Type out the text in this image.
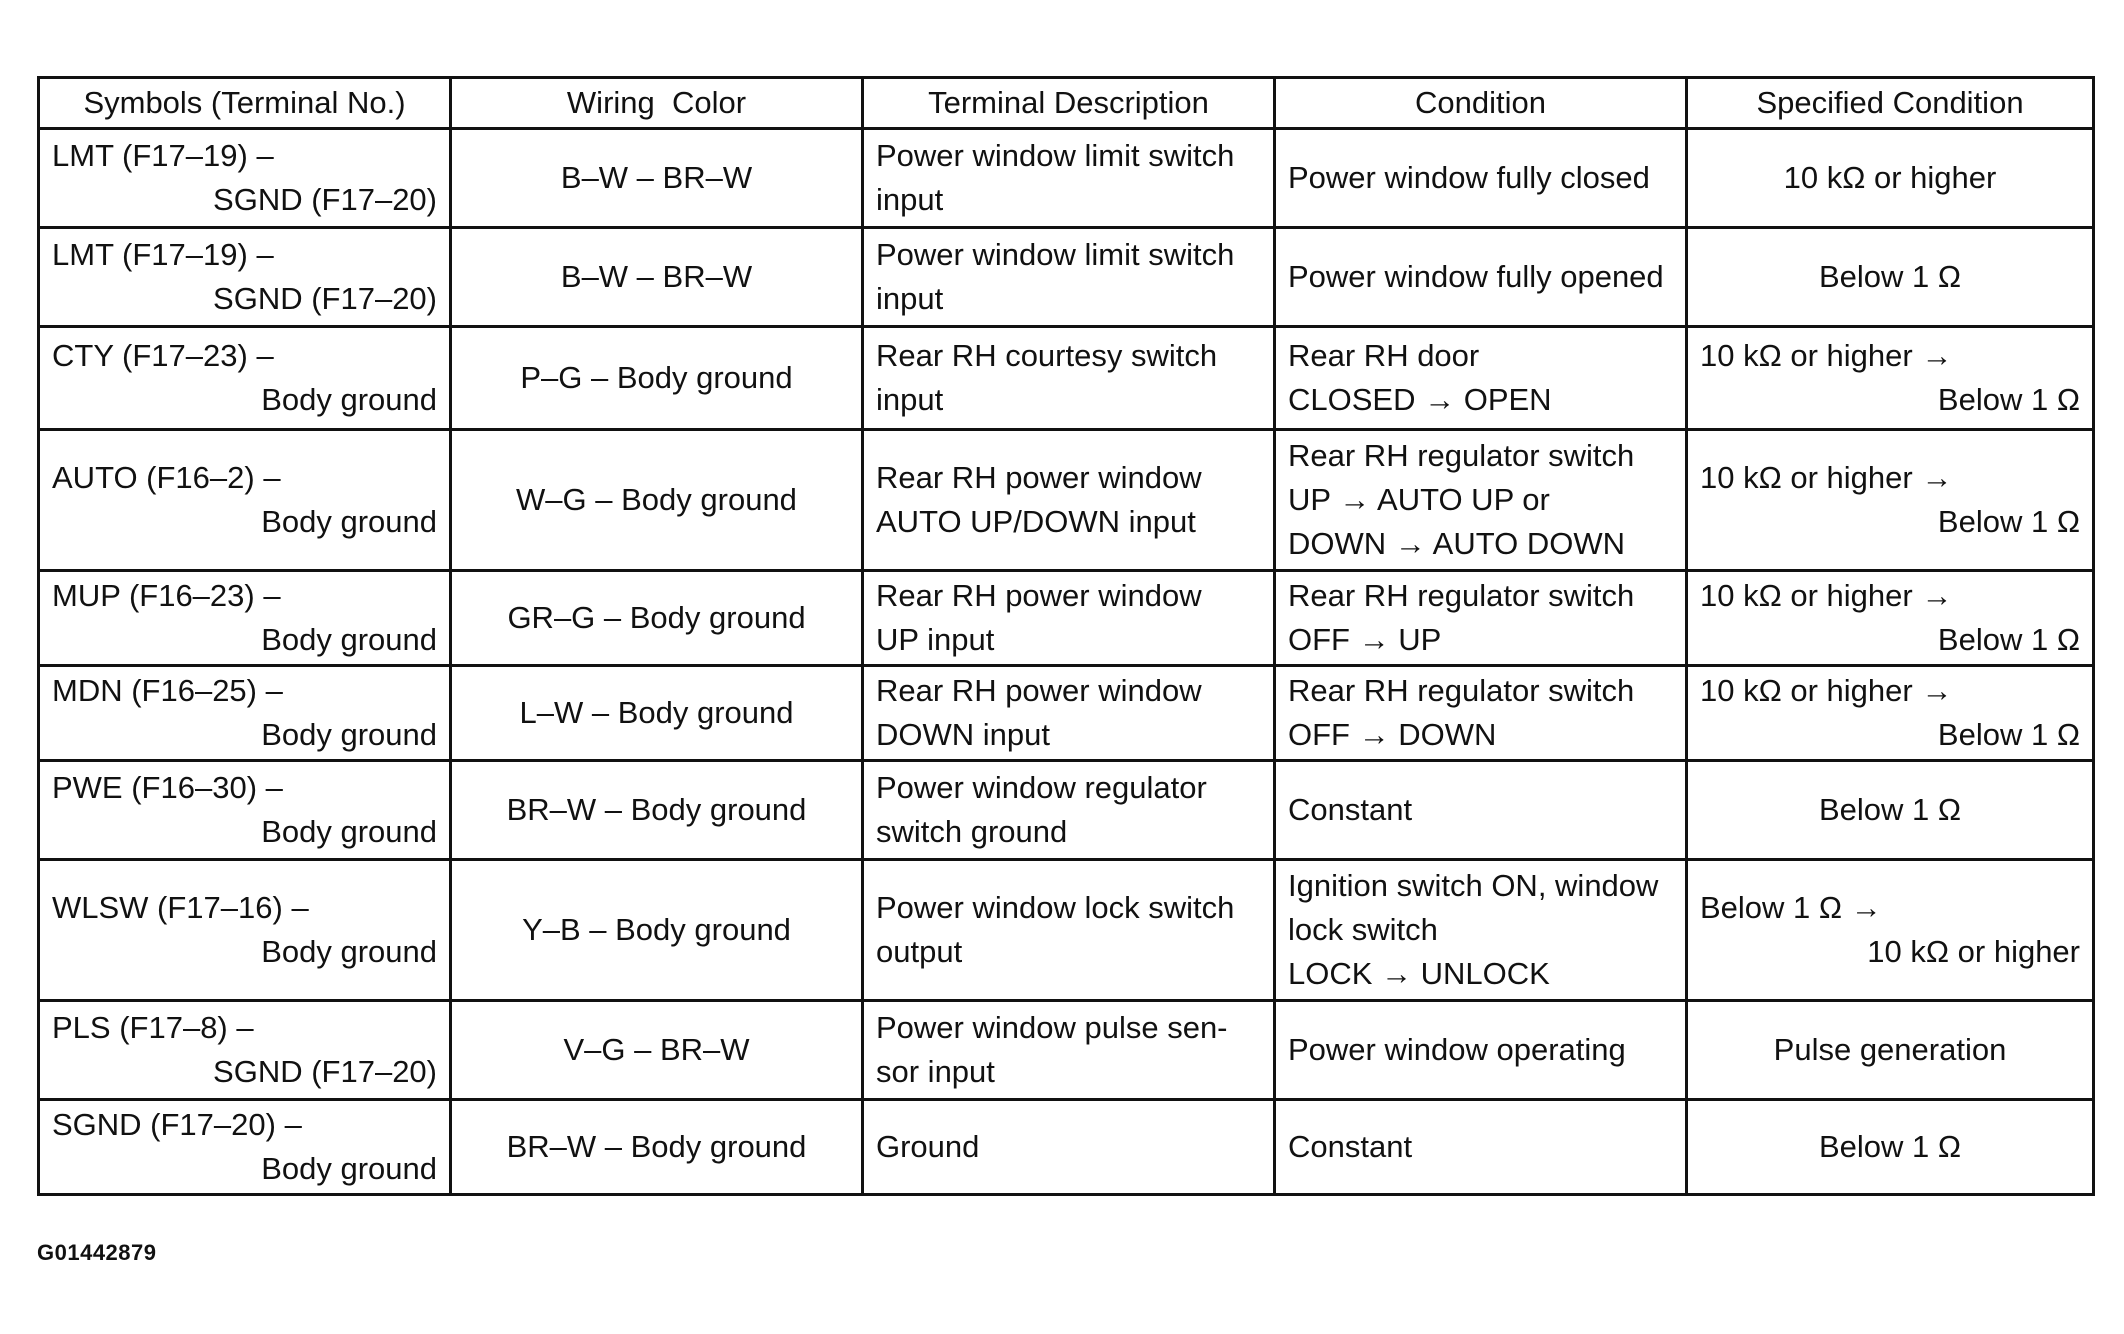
Symbols (Terminal No.)	Wiring  Color	Terminal Description	Condition	Specified Condition

LMT (F17–19) –
SGND (F17–20)	B–W – BR–W	Power window limit switch
input	Power window fully closed	10 kΩ or higher

LMT (F17–19) –
SGND (F17–20)	B–W – BR–W	Power window limit switch
input	Power window fully opened	Below 1 Ω

CTY (F17–23) –
Body ground	P–G – Body ground	Rear RH courtesy switch
input	Rear RH door
CLOSED → OPEN	10 kΩ or higher →
Below 1 Ω

AUTO (F16–2) –
Body ground	W–G – Body ground	Rear RH power window
AUTO UP/DOWN input	Rear RH regulator switch
UP → AUTO UP or
DOWN → AUTO DOWN	10 kΩ or higher →
Below 1 Ω

MUP (F16–23) –
Body ground	GR–G – Body ground	Rear RH power window
UP input	Rear RH regulator switch
OFF → UP	10 kΩ or higher →
Below 1 Ω

MDN (F16–25) –
Body ground	L–W – Body ground	Rear RH power window
DOWN input	Rear RH regulator switch
OFF → DOWN	10 kΩ or higher →
Below 1 Ω

PWE (F16–30) –
Body ground	BR–W – Body ground	Power window regulator
switch ground	Constant	Below 1 Ω

WLSW (F17–16) –
Body ground	Y–B – Body ground	Power window lock switch
output	Ignition switch ON, window
lock switch
LOCK → UNLOCK	Below 1 Ω →
10 kΩ or higher

PLS (F17–8) –
SGND (F17–20)	V–G – BR–W	Power window pulse sen-
sor input	Power window operating	Pulse generation

SGND (F17–20) –
Body ground	BR–W – Body ground	Ground	Constant	Below 1 Ω
G01442879
